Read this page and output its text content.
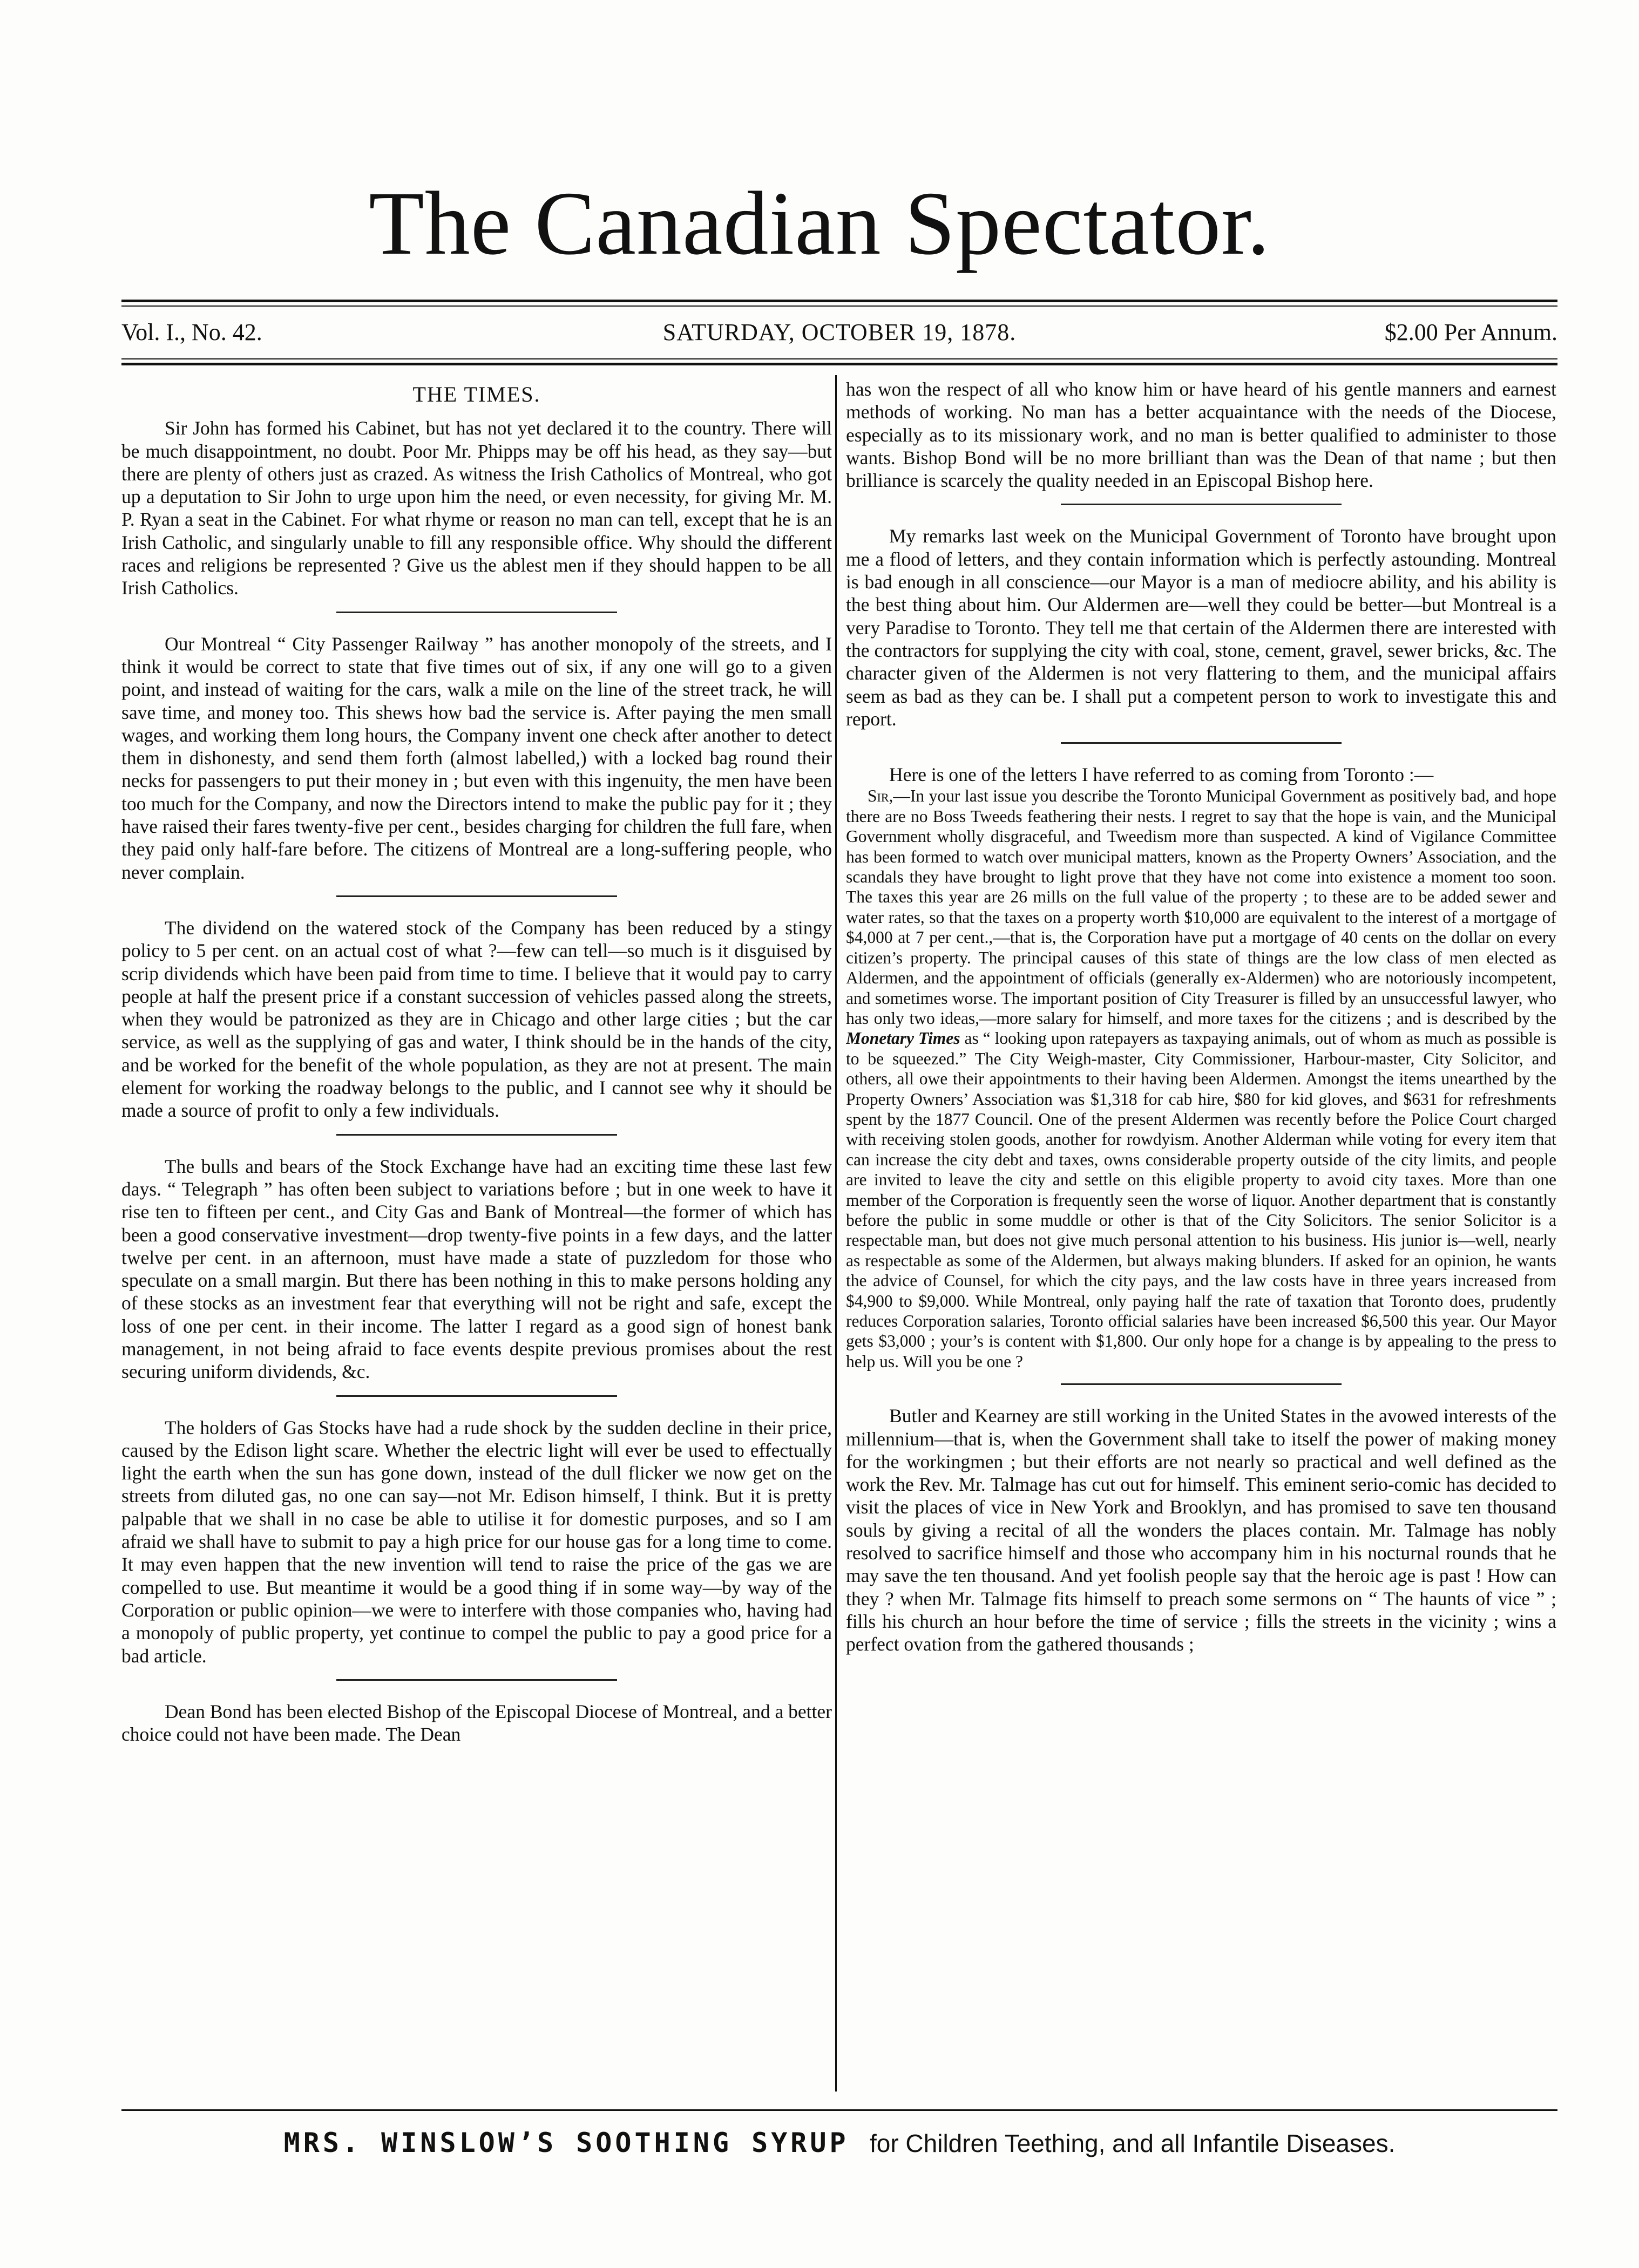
The Canadian Spectator.
Vol. I., No. 42.	SATURDAY, OCTOBER 19, 1878.	$2.00 Per Annum.
THE TIMES.

Sir John has formed his Cabinet, but has not yet declared it to the country. There will be much disappointment, no doubt. Poor Mr. Phipps may be off his head, as they say—but there are plenty of others just as crazed. As witness the Irish Catholics of Montreal, who got up a deputation to Sir John to urge upon him the need, or even necessity, for giving Mr. M. P. Ryan a seat in the Cabinet. For what rhyme or reason no man can tell, except that he is an Irish Catholic, and singularly unable to fill any responsible office. Why should the different races and religions be represented ? Give us the ablest men if they should happen to be all Irish Catholics.

Our Montreal “ City Passenger Railway ” has another monopoly of the streets, and I think it would be correct to state that five times out of six, if any one will go to a given point, and instead of waiting for the cars, walk a mile on the line of the street track, he will save time, and money too. This shews how bad the service is. After paying the men small wages, and working them long hours, the Company invent one check after another to detect them in dishonesty, and send them forth (almost labelled,) with a locked bag round their necks for passengers to put their money in ; but even with this ingenuity, the men have been too much for the Company, and now the Directors intend to make the public pay for it ; they have raised their fares twenty-five per cent., besides charging for children the full fare, when they paid only half-fare before. The citizens of Montreal are a long-suffering people, who never complain.

The dividend on the watered stock of the Company has been reduced by a stingy policy to 5 per cent. on an actual cost of what ?—few can tell—so much is it disguised by scrip dividends which have been paid from time to time. I believe that it would pay to carry people at half the present price if a constant succession of vehicles passed along the streets, when they would be patronized as they are in Chicago and other large cities ; but the car service, as well as the supplying of gas and water, I think should be in the hands of the city, and be worked for the benefit of the whole population, as they are not at present. The main element for working the roadway belongs to the public, and I cannot see why it should be made a source of profit to only a few individuals.

The bulls and bears of the Stock Exchange have had an exciting time these last few days. “ Telegraph ” has often been subject to variations before ; but in one week to have it rise ten to fifteen per cent., and City Gas and Bank of Montreal—the former of which has been a good conservative investment—drop twenty-five points in a few days, and the latter twelve per cent. in an afternoon, must have made a state of puzzledom for those who speculate on a small margin. But there has been nothing in this to make persons holding any of these stocks as an investment fear that everything will not be right and safe, except the loss of one per cent. in their income. The latter I regard as a good sign of honest bank management, in not being afraid to face events despite previous promises about the rest securing uniform dividends, &c.

The holders of Gas Stocks have had a rude shock by the sudden decline in their price, caused by the Edison light scare. Whether the electric light will ever be used to effectually light the earth when the sun has gone down, instead of the dull flicker we now get on the streets from diluted gas, no one can say—not Mr. Edison himself, I think. But it is pretty palpable that we shall in no case be able to utilise it for domestic purposes, and so I am afraid we shall have to submit to pay a high price for our house gas for a long time to come. It may even happen that the new invention will tend to raise the price of the gas we are compelled to use. But meantime it would be a good thing if in some way—by way of the Corporation or public opinion—we were to interfere with those companies who, having had a monopoly of public property, yet continue to compel the public to pay a good price for a bad article.

Dean Bond has been elected Bishop of the Episcopal Diocese of Montreal, and a better choice could not have been made. The Dean

has won the respect of all who know him or have heard of his gentle manners and earnest methods of working. No man has a better acquaintance with the needs of the Diocese, especially as to its missionary work, and no man is better qualified to administer to those wants. Bishop Bond will be no more brilliant than was the Dean of that name ; but then brilliance is scarcely the quality needed in an Episcopal Bishop here.

My remarks last week on the Municipal Government of Toronto have brought upon me a flood of letters, and they contain information which is perfectly astounding. Montreal is bad enough in all conscience—our Mayor is a man of mediocre ability, and his ability is the best thing about him. Our Aldermen are—well they could be better—but Montreal is a very Paradise to Toronto. They tell me that certain of the Aldermen there are interested with the contractors for supplying the city with coal, stone, cement, gravel, sewer bricks, &c. The character given of the Aldermen is not very flattering to them, and the municipal affairs seem as bad as they can be. I shall put a competent person to work to investigate this and report.

Here is one of the letters I have referred to as coming from Toronto :—

Sir,—In your last issue you describe the Toronto Municipal Government as positively bad, and hope there are no Boss Tweeds feathering their nests. I regret to say that the hope is vain, and the Municipal Government wholly disgraceful, and Tweedism more than suspected. A kind of Vigilance Committee has been formed to watch over municipal matters, known as the Property Owners’ Association, and the scandals they have brought to light prove that they have not come into existence a moment too soon. The taxes this year are 26 mills on the full value of the property ; to these are to be added sewer and water rates, so that the taxes on a property worth $10,000 are equivalent to the interest of a mortgage of $4,000 at 7 per cent.,—that is, the Corporation have put a mortgage of 40 cents on the dollar on every citizen’s property. The principal causes of this state of things are the low class of men elected as Aldermen, and the appointment of officials (generally ex-Aldermen) who are notoriously incompetent, and sometimes worse. The important position of City Treasurer is filled by an unsuccessful lawyer, who has only two ideas,—more salary for himself, and more taxes for the citizens ; and is described by the Monetary Times as “ looking upon ratepayers as taxpaying animals, out of whom as much as possible is to be squeezed.” The City Weigh-master, City Commissioner, Harbour-master, City Solicitor, and others, all owe their appointments to their having been Aldermen. Amongst the items unearthed by the Property Owners’ Association was $1,318 for cab hire, $80 for kid gloves, and $631 for refreshments spent by the 1877 Council. One of the present Aldermen was recently before the Police Court charged with receiving stolen goods, another for rowdyism. Another Alderman while voting for every item that can increase the city debt and taxes, owns considerable property outside of the city limits, and people are invited to leave the city and settle on this eligible property to avoid city taxes. More than one member of the Corporation is frequently seen the worse of liquor. Another department that is constantly before the public in some muddle or other is that of the City Solicitors. The senior Solicitor is a respectable man, but does not give much personal attention to his business. His junior is—well, nearly as respectable as some of the Aldermen, but always making blunders. If asked for an opinion, he wants the advice of Counsel, for which the city pays, and the law costs have in three years increased from $4,900 to $9,000. While Montreal, only paying half the rate of taxation that Toronto does, prudently reduces Corporation salaries, Toronto official salaries have been increased $6,500 this year. Our Mayor gets $3,000 ; your’s is content with $1,800. Our only hope for a change is by appealing to the press to help us. Will you be one ?

Butler and Kearney are still working in the United States in the avowed interests of the millennium—that is, when the Government shall take to itself the power of making money for the workingmen ; but their efforts are not nearly so practical and well defined as the work the Rev. Mr. Talmage has cut out for himself. This eminent serio-comic has decided to visit the places of vice in New York and Brooklyn, and has promised to save ten thousand souls by giving a recital of all the wonders the places contain. Mr. Talmage has nobly resolved to sacrifice himself and those who accompany him in his nocturnal rounds that he may save the ten thousand. And yet foolish people say that the heroic age is past ! How can they ? when Mr. Talmage fits himself to preach some sermons on “ The haunts of vice ” ; fills his church an hour before the time of service ; fills the streets in the vicinity ; wins a perfect ovation from the gathered thousands ;

MRS. WINSLOW’S SOOTHING SYRUP for Children Teething, and all Infantile Diseases.
